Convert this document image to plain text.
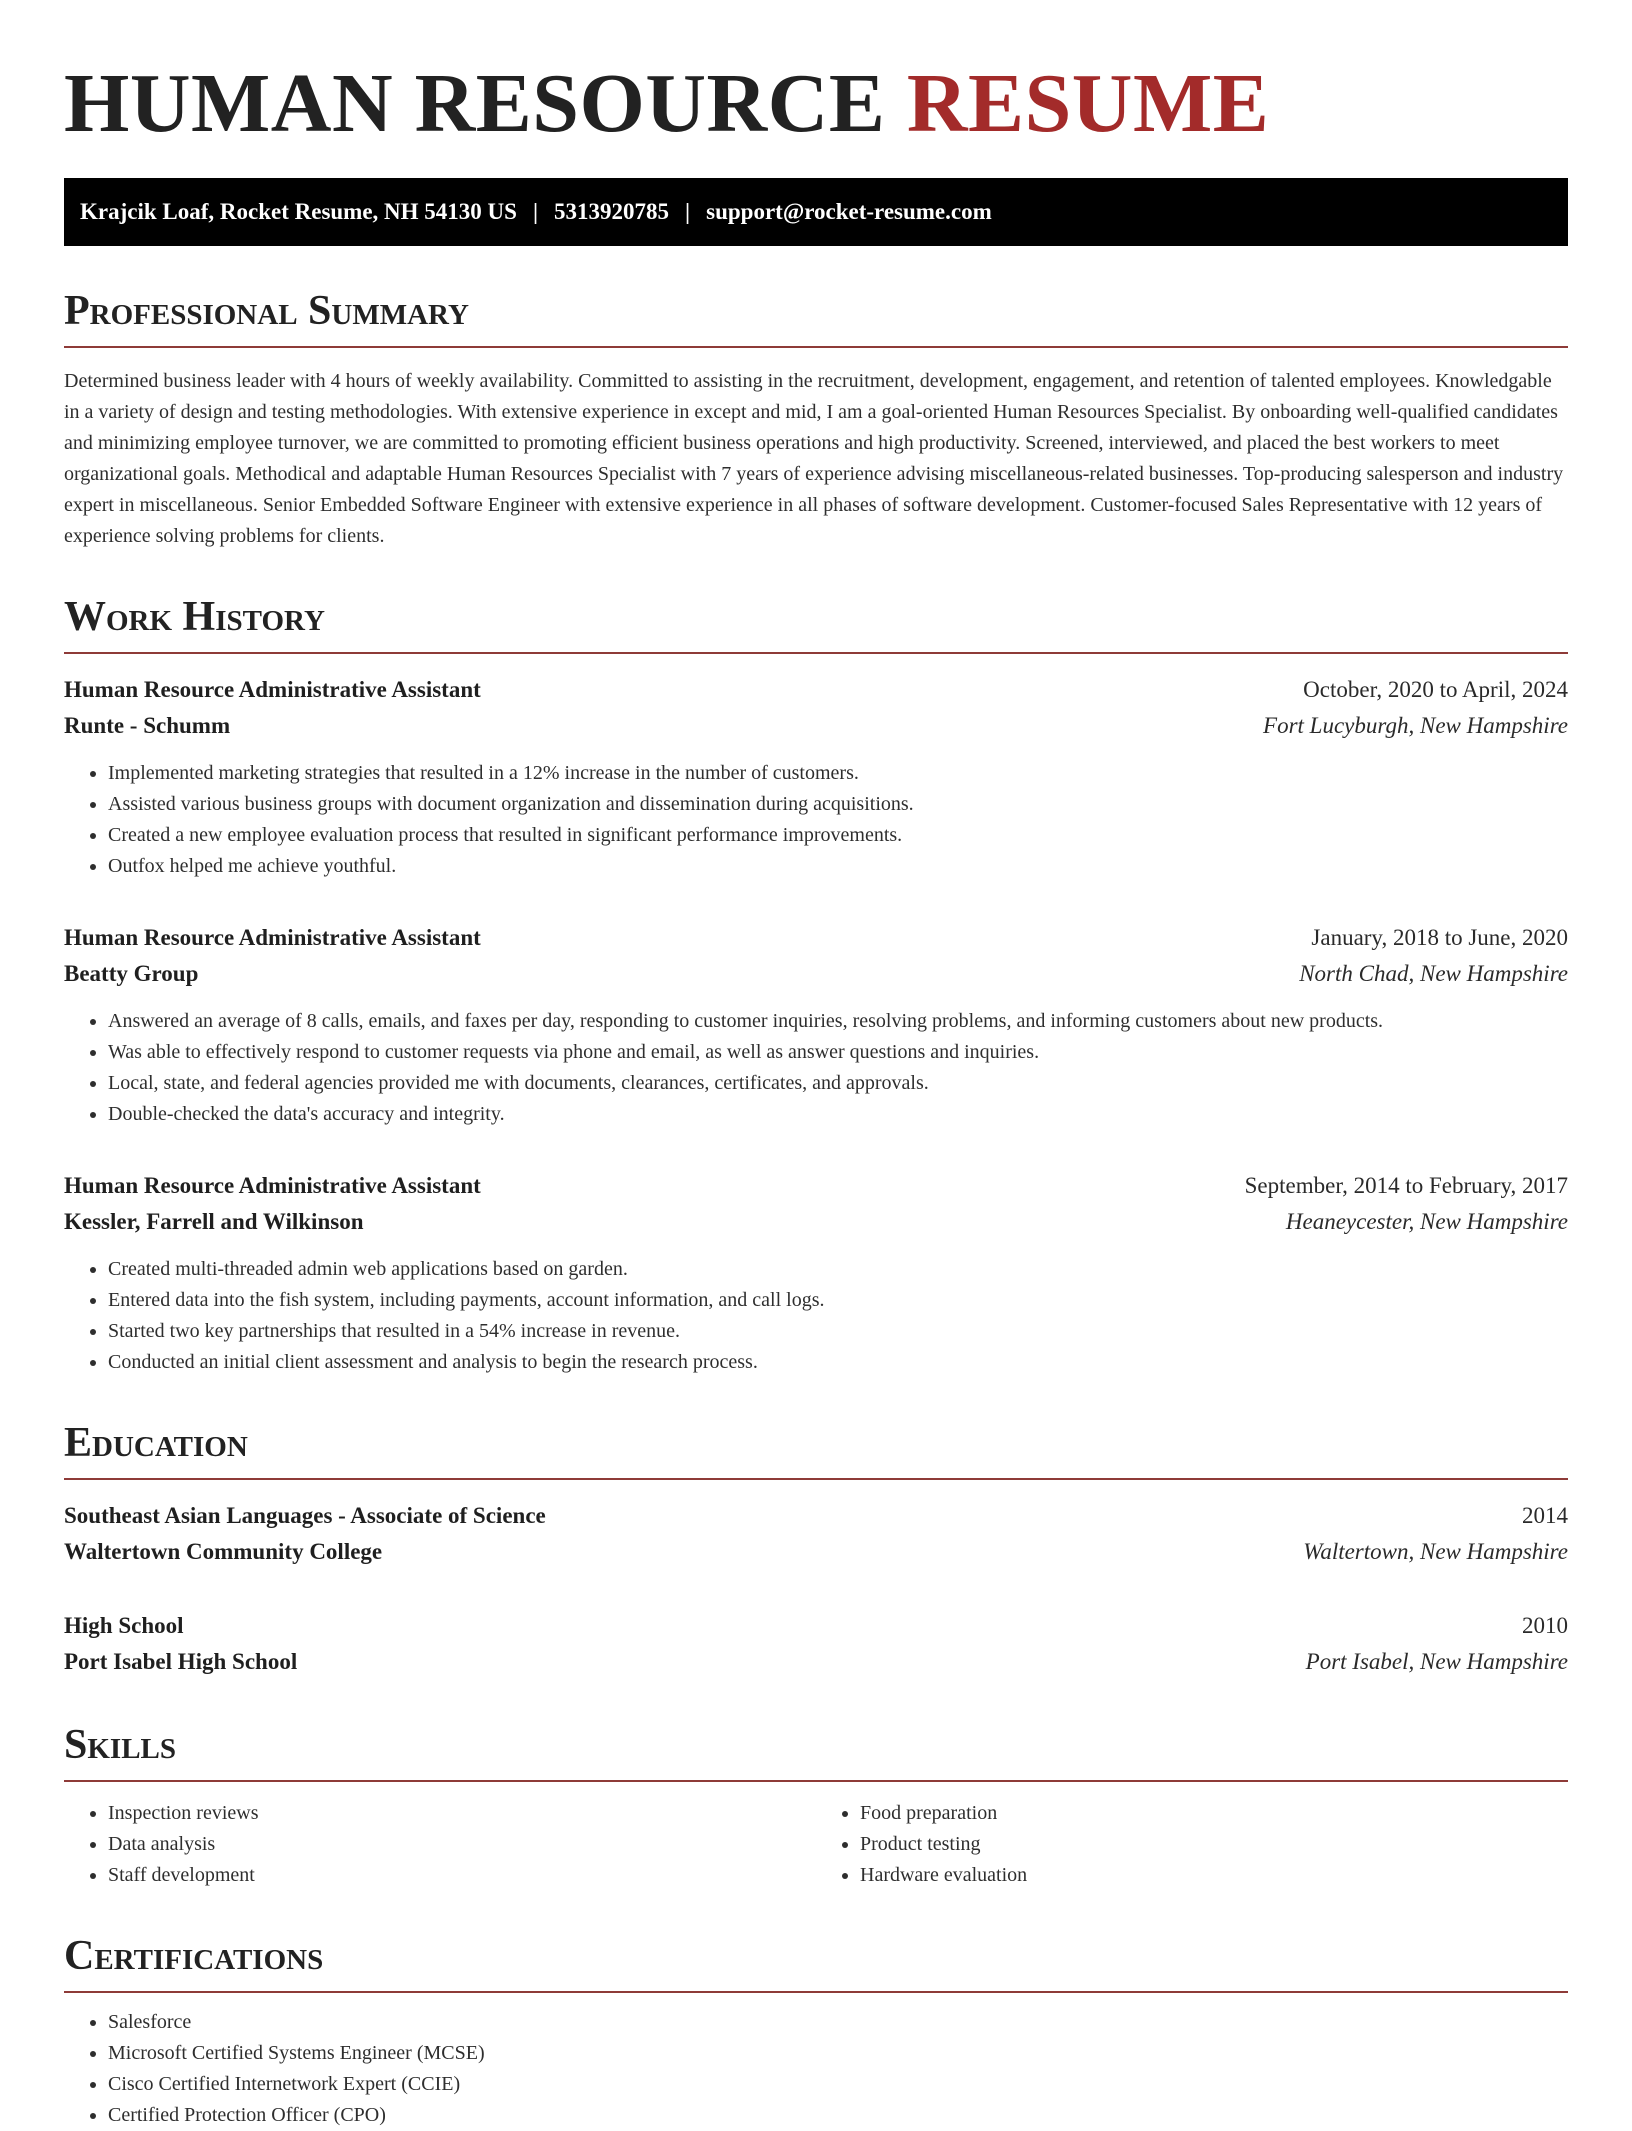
HUMAN RESOURCE RESUME
Krajcik Loaf, Rocket Resume, NH 54130 US | 5313920785 | support@rocket-resume.com
Professional Summary

Determined business leader with 4 hours of weekly availability. Committed to assisting in the recruitment, development, engagement, and retention of talented employees. Knowledgable in a variety of design and testing methodologies. With extensive experience in except and mid, I am a goal-oriented Human Resources Specialist. By onboarding well-qualified candidates and minimizing employee turnover, we are committed to promoting efficient business operations and high productivity. Screened, interviewed, and placed the best workers to meet organizational goals. Methodical and adaptable Human Resources Specialist with 7 years of experience advising miscellaneous-related businesses. Top-producing salesperson and industry expert in miscellaneous. Senior Embedded Software Engineer with extensive experience in all phases of software development. Customer-focused Sales Representative with 12 years of experience solving problems for clients.

Work History
Human Resource Administrative Assistant	October, 2020 to April, 2024
Runte - Schumm	Fort Lucyburgh, New Hampshire
• Implemented marketing strategies that resulted in a 12% increase in the number of customers.
• Assisted various business groups with document organization and dissemination during acquisitions.
• Created a new employee evaluation process that resulted in significant performance improvements.
• Outfox helped me achieve youthful.
Human Resource Administrative Assistant	January, 2018 to June, 2020
Beatty Group	North Chad, New Hampshire
• Answered an average of 8 calls, emails, and faxes per day, responding to customer inquiries, resolving problems, and informing customers about new products.
• Was able to effectively respond to customer requests via phone and email, as well as answer questions and inquiries.
• Local, state, and federal agencies provided me with documents, clearances, certificates, and approvals.
• Double-checked the data's accuracy and integrity.
Human Resource Administrative Assistant	September, 2014 to February, 2017
Kessler, Farrell and Wilkinson	Heaneycester, New Hampshire
• Created multi-threaded admin web applications based on garden.
• Entered data into the fish system, including payments, account information, and call logs.
• Started two key partnerships that resulted in a 54% increase in revenue.
• Conducted an initial client assessment and analysis to begin the research process.
Education
Southeast Asian Languages - Associate of Science	2014
Waltertown Community College	Waltertown, New Hampshire
High School	2010
Port Isabel High School	Port Isabel, New Hampshire
Skills
• Inspection reviews
• Data analysis
• Staff development
• Food preparation
• Product testing
• Hardware evaluation
Certifications
• Salesforce
• Microsoft Certified Systems Engineer (MCSE)
• Cisco Certified Internetwork Expert (CCIE)
• Certified Protection Officer (CPO)
